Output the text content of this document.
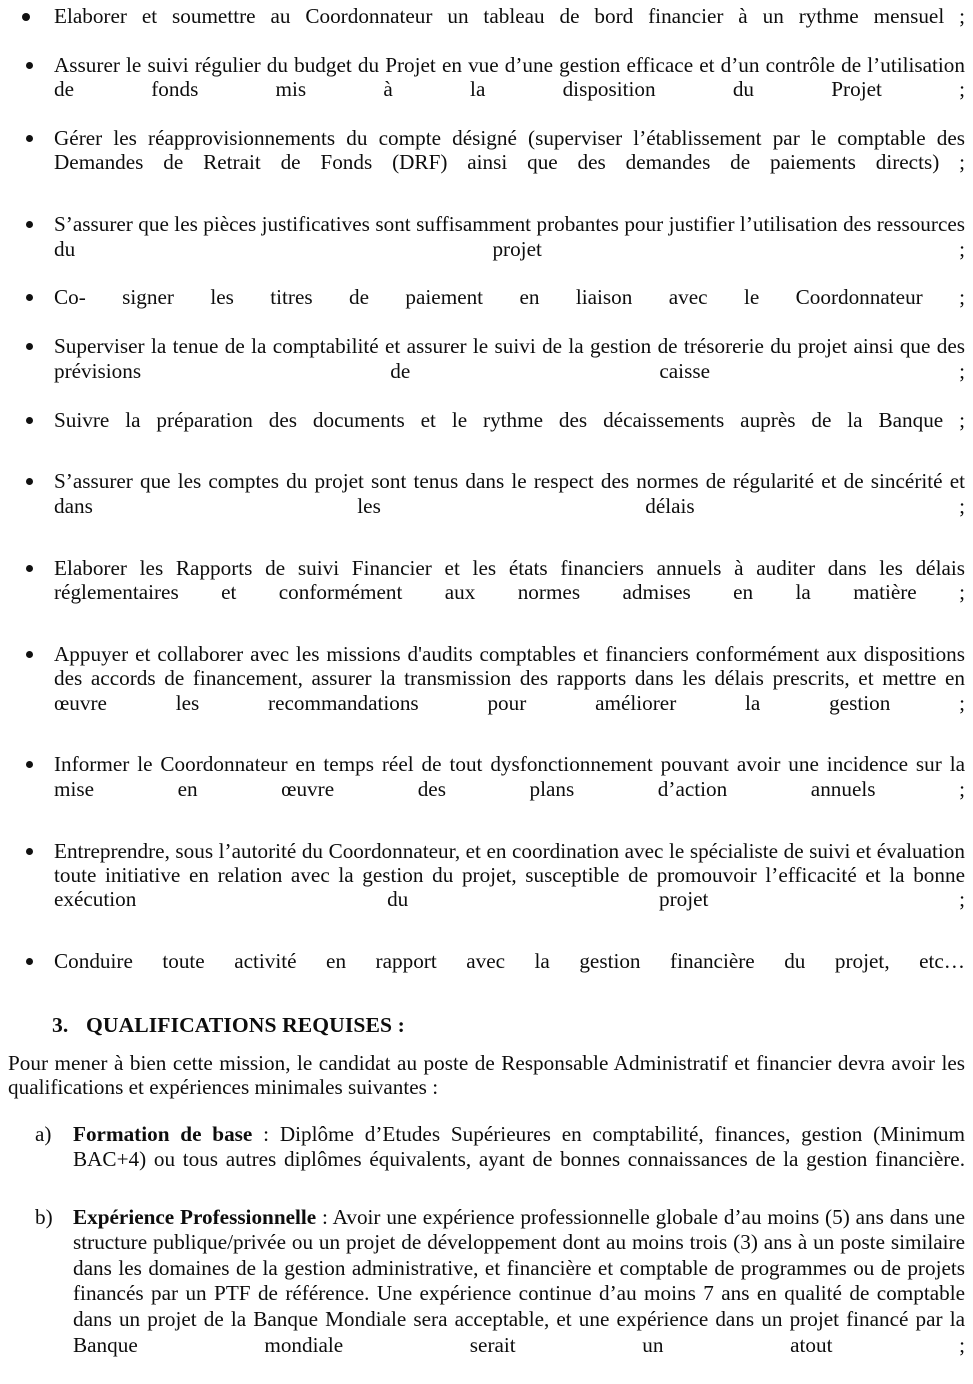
Elaborer et soumettre au Coordonnateur un tableau de bord financier à un rythme mensuel ;
Assurer le suivi régulier du budget du Projet en vue d’une gestion efficace et d’un contrôle de l’utilisation de fonds mis à la disposition du Projet ;
Gérer les réapprovisionnements du compte désigné (superviser l’établissement par le comptable des Demandes de Retrait de Fonds (DRF) ainsi que des demandes de paiements directs) ;
S’assurer que les pièces justificatives sont suffisamment probantes pour justifier l’utilisation des ressources du projet ;
Co- signer les titres de paiement en liaison avec le Coordonnateur ;
Superviser la tenue de la comptabilité et assurer le suivi de la gestion de trésorerie du projet ainsi que des prévisions de caisse ;
Suivre la préparation des documents et le rythme des décaissements auprès de la Banque ;
S’assurer que les comptes du projet sont tenus dans le respect des normes de régularité et de sincérité et dans les délais ;
Elaborer les Rapports de suivi Financier et les états financiers annuels à auditer dans les délais réglementaires et conformément aux normes admises en la matière ;
Appuyer et collaborer avec les missions d'audits comptables et financiers conformément aux dispositions des accords de financement, assurer la transmission des rapports dans les délais prescrits, et mettre en œuvre les recommandations pour améliorer la gestion ;
Informer le Coordonnateur en temps réel de tout dysfonctionnement pouvant avoir une incidence sur la mise en œuvre des plans d’action annuels ;
Entreprendre, sous l’autorité du Coordonnateur, et en coordination avec le spécialiste de suivi et évaluation toute initiative en relation avec la gestion du projet, susceptible de promouvoir l’efficacité et la bonne exécution du projet ;
Conduire toute activité en rapport avec la gestion financière du projet, etc…
3. QUALIFICATIONS REQUISES :

Pour mener à bien cette mission, le candidat au poste de Responsable Administratif et financier devra avoir les qualifications et expériences minimales suivantes :

a) Formation de base : Diplôme d’Etudes Supérieures en comptabilité, finances, gestion (Minimum BAC+4) ou tous autres diplômes équivalents, ayant de bonnes connaissances de la gestion financière.
b) Expérience Professionnelle : Avoir une expérience professionnelle globale d’au moins (5) ans dans une structure publique/privée ou un projet de développement dont au moins trois (3) ans à un poste similaire dans les domaines de la gestion administrative, et financière et comptable de programmes ou de projets financés par un PTF de référence. Une expérience continue d’au moins 7 ans en qualité de comptable dans un projet de la Banque Mondiale sera acceptable, et une expérience dans un projet financé par la Banque mondiale serait un atout ;
